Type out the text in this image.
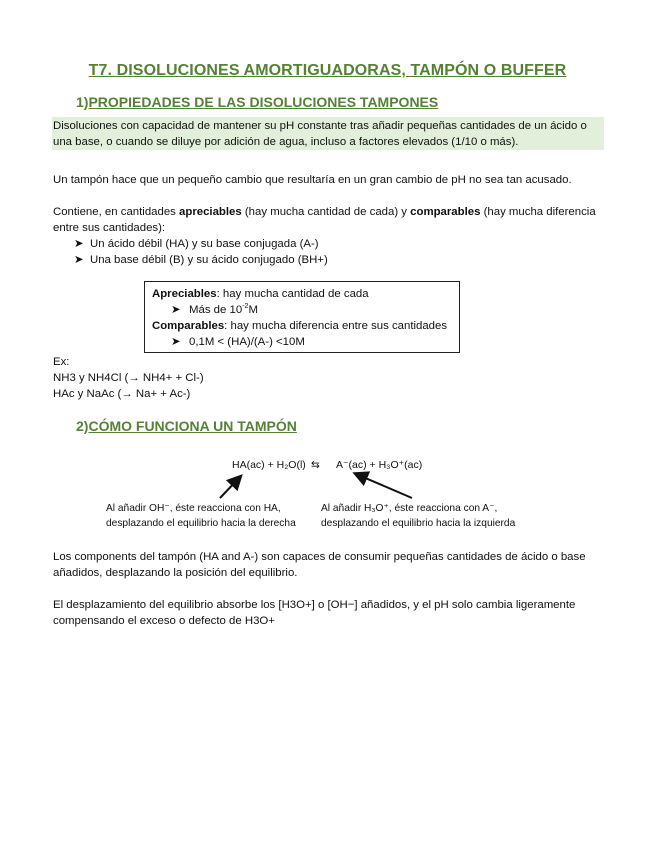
T7. DISOLUCIONES AMORTIGUADORAS, TAMPÓN O BUFFER
1)PROPIEDADES DE LAS DISOLUCIONES TAMPONES
Disoluciones con capacidad de mantener su pH constante tras añadir pequeñas cantidades de un ácido o
una base, o cuando se diluye por adición de agua, incluso a factores elevados (1/10 o más).
Un tampón hace que un pequeño cambio que resultaría en un gran cambio de pH no sea tan acusado.
Contiene, en cantidades apreciables (hay mucha cantidad de cada) y comparables (hay mucha diferencia
entre sus cantidades):
➤ Un ácido débil (HA) y su base conjugada (A-)
➤ Una base débil (B) y su ácido conjugado (BH+)
Apreciables: hay mucha cantidad de cada
➤ Más de $10^{-2}M$
Comparables: hay mucha diferencia entre sus cantidades
➤ 0,1M < (HA)/(A-) <10M
Ex:
NH3 y NH4Cl (→ NH4+ + Cl-)
HAc y NaAc (→ Na+ + Ac-)
2)CÓMO FUNCIONA UN TAMPÓN
HA(ac) + H₂O(l) ⇆ A⁻(ac) + H₃O⁺(ac)
Al añadir OH⁻, éste reacciona con HA,
desplazando el equilibrio hacia la derecha
Al añadir H₃O⁺, éste reacciona con A⁻,
desplazando el equilibrio hacia la izquierda
Los components del tampón (HA and A-) son capaces de consumir pequeñas cantidades de ácido o base
añadidos, desplazando la posición del equilibrio.
El desplazamiento del equilibrio absorbe los [H3O+] o [OH−] añadidos, y el pH solo cambia ligeramente
compensando el exceso o defecto de H3O+
